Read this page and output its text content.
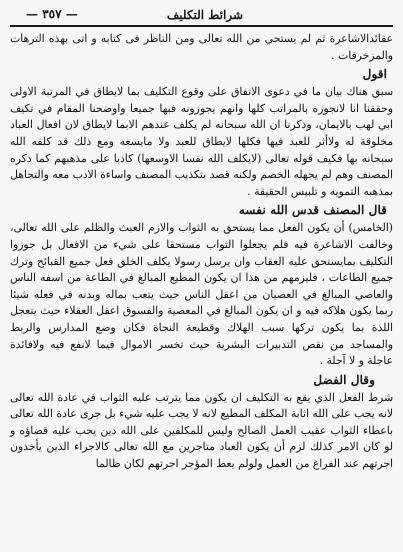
شرائط التكليف
— ٣٥٧ —

عقائدالاشاعرة ثم لم يستحي من الله تعالى ومن الناظر فى كتابه و اتى بهذه الترهات والمزخرفات .

اقول

سبق هناك بيان ما في دعوى الاتفاق على وقوع التكليف بما لايطاق في المرتبة الاولى وحققنا انا لانجوزه بالمراتب كلها وانهم يجوزونه فبها جميعا واوضحنا المقام في تكيف ابي لهب بالايمان، وذكرنا ان الله سبحانه لم يكلف عندهم الابما لايطاق لان افعال العباد مخلوقة له ولاأثر للعبد فيها فكلها لايطاق للعبد ولا مايسعه ومع ذلك قد كلفه الله سبحانه بها فكيف قوله تعالى (لايكلف الله نفسا الاوسعها) كاذبا على مذهبهم كما ذكره المصنف وهم لم يجهله الخصم ولكنه قصد بتكذيب المصنف واساءة الادب معه والتجاهل بمذهبه التمويه و تلبيس الحقيقة .

قال المصنف قدس الله نفسه

(الخامس) أن يكون الفعل مما يستحق به الثواب والازم العبث والظلم على الله تعالى، وخالفت الاشاعرة فيه فلم يجعلوا الثواب مستحقا على شيء من الافعال بل جوزوا التكليف بمايستحق عليه العقاب وان يرسل رسولا يكلف الخلق فعل جميع القبائح وترك جميع الطاعات ، فليزمهم من هذا ان يكون المطيع المبالغ في الطاعة من اسفه الناس والعاصي المبالغ في العصيان من اعقل الناس حيث يتعب بماله وبدنه في فعله شيئا ربما يكون هلاكه فيه و ان يكون المبالغ في المعصية والفسوق اعقل العقلاء حيث يتعجل اللذة بما يكون تركها سبب الهلاك وقطيعة النجاة فكان وضع المدارس والربط والمساجد من نقص التدبيرات البشرية حيث تخسر الاموال فيما لانفع فيه ولافائدة عاجلة و لا آجلة .

وقال الفضل

شرط الفعل الذي يقع به التكليف ان يكون مما يترتب عليه الثواب في عادة الله تعالى لانه يجب على الله اثابة المكلف المطيع لانه لا يجب عليه شيء بل جرى عادة الله تعالى باعطاء الثواب عقيب العمل الصالح وليس للمكلفين على الله دين يجب عليه قضاؤه و لو كان الامر كذلك لزم أن يكون العباد متاجرين مع الله تعالى كالاجراء الذين يأخذون اجرتهم عند الفراغ من العمل ولولم يعط المؤجر اجرتهم لكان ظالما
